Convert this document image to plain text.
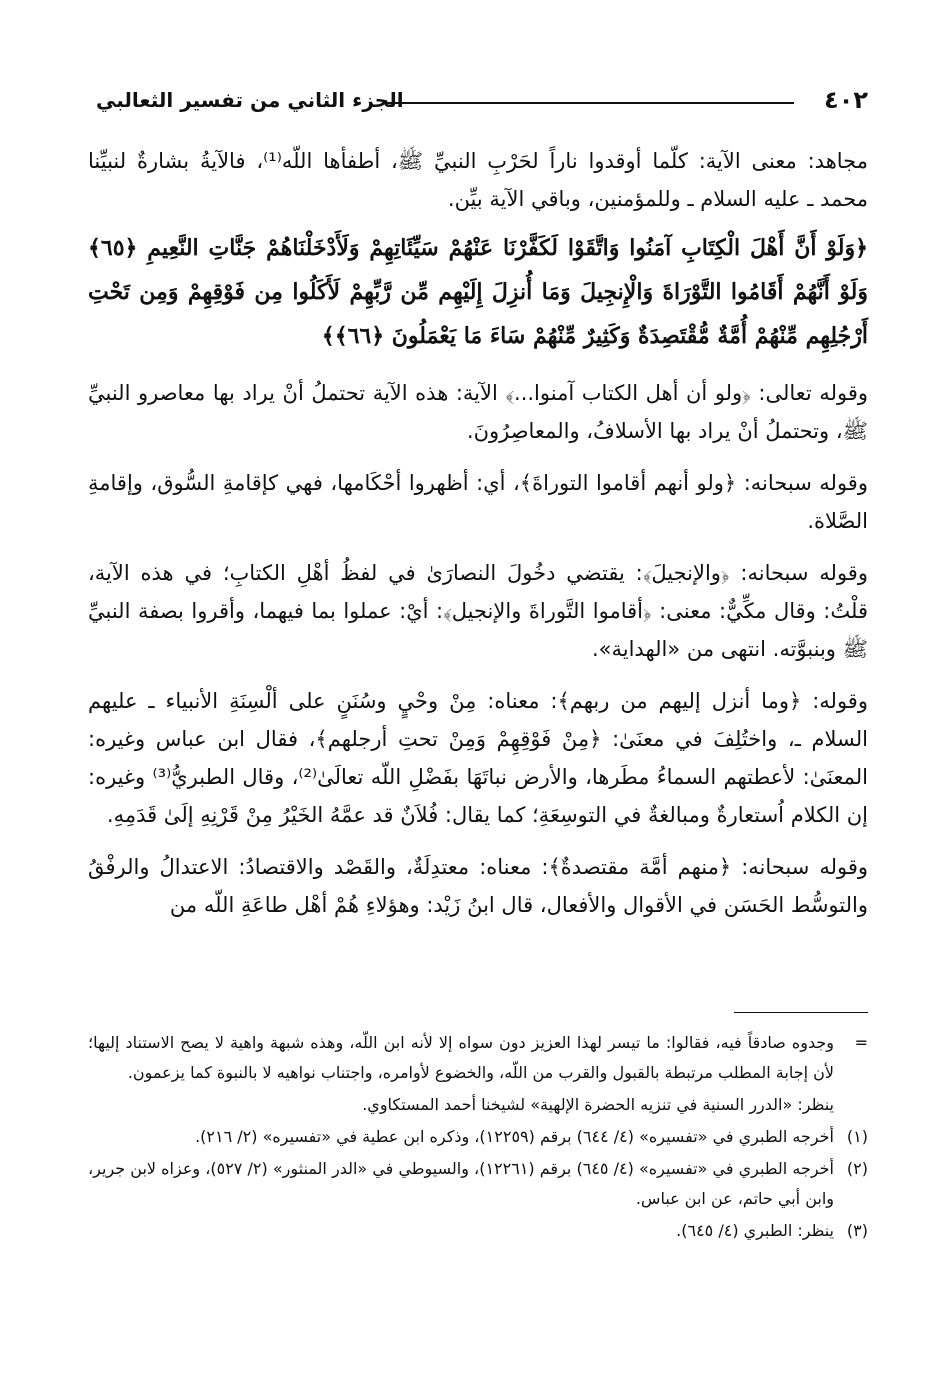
٤٠٢
الجزء الثاني من تفسير الثعالبي

مجاهد: معنى الآية: كلّما أوقدوا ناراً لحَرْبِ النبيِّ ﷺ، أطفأها اللّه⁽¹⁾، فالآيةُ بشارةٌ لنبيِّنا محمد ـ عليه السلام ـ وللمؤمنين، وباقي الآية بيِّن.

﴿وَلَوْ أَنَّ أَهْلَ الْكِتَابِ آمَنُوا وَاتَّقَوْا لَكَفَّرْنَا عَنْهُمْ سَيِّئَاتِهِمْ وَلَأَدْخَلْنَاهُمْ جَنَّاتِ النَّعِيمِ ﴿٦٥﴾ وَلَوْ أَنَّهُمْ أَقَامُوا التَّوْرَاةَ وَالْإِنجِيلَ وَمَا أُنزِلَ إِلَيْهِم مِّن رَّبِّهِمْ لَأَكَلُوا مِن فَوْقِهِمْ وَمِن تَحْتِ أَرْجُلِهِم مِّنْهُمْ أُمَّةٌ مُّقْتَصِدَةٌ وَكَثِيرٌ مِّنْهُمْ سَاءَ مَا يَعْمَلُونَ ﴿٦٦﴾﴾

وقوله تعالى: ﴿ولو أن أهل الكتاب آمنوا...﴾ الآية: هذه الآية تحتملُ أنْ يراد بها معاصرو النبيِّ ﷺ، وتحتملُ أنْ يراد بها الأسلافُ، والمعاصِرُونَ.

وقوله سبحانه: ﴿ولو أنهم أقاموا التوراةَ﴾، أي: أظهروا أحْكَامها، فهي كإقامةِ السُّوق، وإقامةِ الصَّلاة.

وقوله سبحانه: ﴿والإنجيلَ﴾: يقتضي دخُولَ النصارَىٰ في لفظُ أهْلِ الكتابِ؛ في هذه الآية، قلْتُ: وقال مكِّيٌّ: معنى: ﴿أقاموا التَّوراةَ والإنجيل﴾: أيْ: عملوا بما فيهما، وأقروا بصفة النبيِّ ﷺ وبنبوَّته. انتهى من «الهداية».

وقوله: ﴿وما أنزل إليهم من ربهم﴾: معناه: مِنْ وحْيٍ وسُنَنٍ على ألْسِنَةِ الأنبياء ـ عليهم السلام ـ، واختُلِفَ في معنَىٰ: ﴿مِنْ فَوْقِهِمْ وَمِنْ تحتِ أرجلهم﴾، فقال ابن عباس وغيره: المعنَىٰ: لأعطتهم السماءُ مطَرها، والأرض نباتَهَا بفَضْلِ اللّه تعالَىٰ⁽²⁾، وقال الطبريُّ⁽³⁾ وغيره: إن الكلام اُستعارةٌ ومبالغةٌ في التوسِعَةِ؛ كما يقال: فُلاَنٌ قد عمَّهُ الخَيْرُ مِنْ قَرْنِهِ إلَىٰ قَدَمِهِ.

وقوله سبحانه: ﴿منهم أمَّة مقتصدةٌ﴾: معناه: معتدِلَةٌ، والقَصْد والاقتصادُ: الاعتدالُ والرفْقُ والتوسُّط الحَسَن في الأقوال والأفعال، قال ابنُ زَيْد: وهؤلاءِ هُمْ أهْل طاعَةِ اللّه من

=
وجدوه صادقاً فيه، فقالوا: ما تيسر لهذا العزيز دون سواه إلا لأنه ابن اللّه، وهذه شبهة واهية لا يصح الاستناد إليها؛ لأن إجابة المطلب مرتبطة بالقبول والقرب من اللّه، والخضوع لأوامره، واجتناب نواهيه لا بالنبوة كما يزعمون.
ينظر: «الدرر السنية في تنزيه الحضرة الإلهية» لشيخنا أحمد المستكاوي.
(١)
أخرجه الطبري في «تفسيره» (٤/ ٦٤٤) برقم (١٢٢٥٩)، وذكره ابن عطية في «تفسيره» (٢/ ٢١٦).
(٢)
أخرجه الطبري في «تفسيره» (٤/ ٦٤٥) برقم (١٢٢٦١)، والسيوطي في «الدر المنثور» (٢/ ٥٢٧)، وعزاه لابن جرير، وابن أبي حاتم، عن ابن عباس.
(٣)
ينظر: الطبري (٤/ ٦٤٥).
